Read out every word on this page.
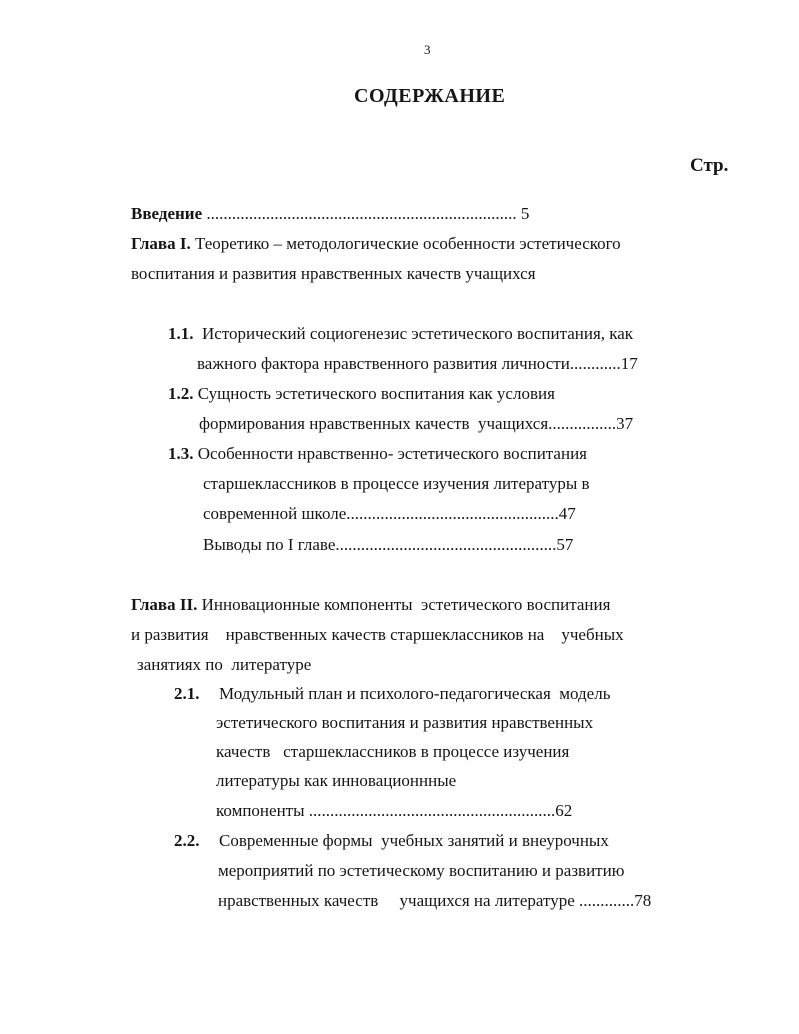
3
СОДЕРЖАНИЕ
Стр.
Введение ......................................................................... 5
Глава I. Теоретико – методологические особенности эстетического
воспитания и развития нравственных качеств учащихся
1.1.  Исторический социогенезис эстетического воспитания, как
важного фактора нравственного развития личности............17
1.2. Сущность эстетического воспитания как условия
формирования нравственных качеств  учащихся................37
1.3. Особенности нравственно- эстетического воспитания
старшеклассников в процессе изучения литературы в
современной школе..................................................47
Выводы по I главе....................................................57
Глава II. Инновационные компоненты  эстетического воспитания
и развития    нравственных качеств старшеклассников на    учебных
занятиях по  литературе
2.1. Модульный план и психолого-педагогическая  модель
эстетического воспитания и развития нравственных
качеств   старшеклассников в процессе изучения
литературы как инновационнные
компоненты ..........................................................62
2.2. Современные формы  учебных занятий и внеурочных
мероприятий по эстетическому воспитанию и развитию
нравственных качеств     учащихся на литературе .............78
